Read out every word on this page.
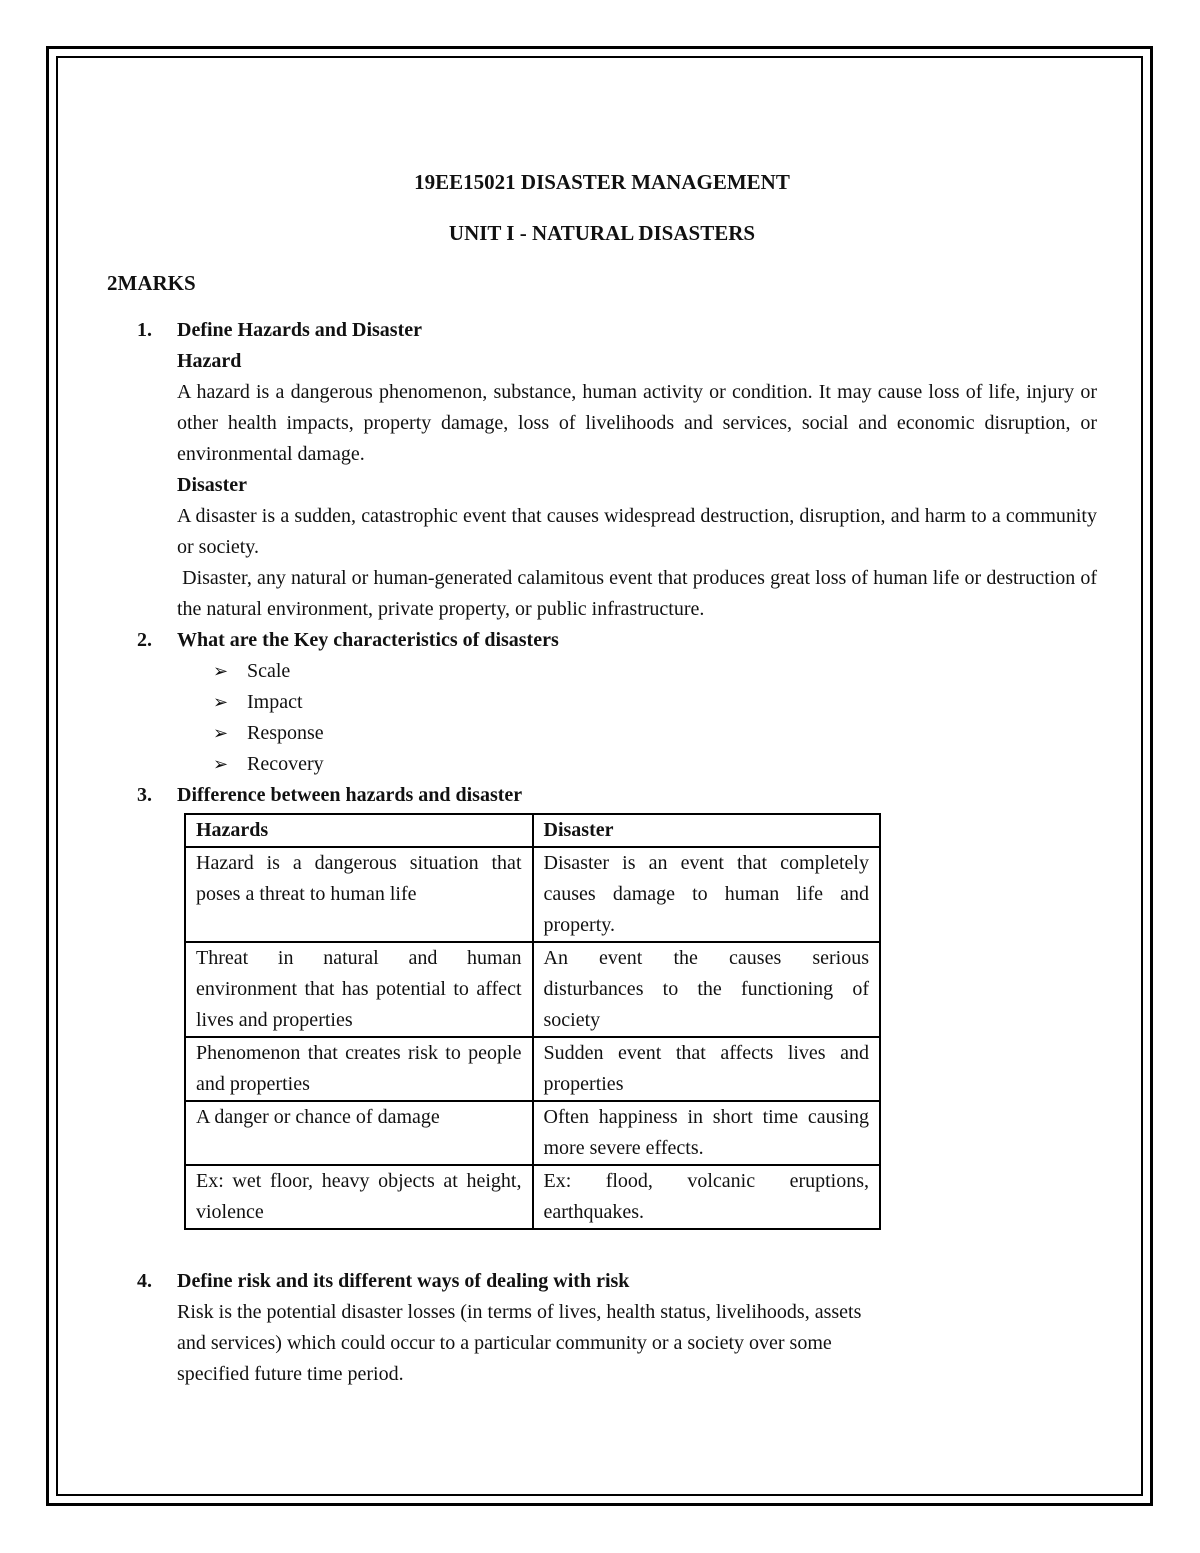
19EE15021 DISASTER MANAGEMENT

UNIT I - NATURAL DISASTERS

2MARKS
1. Define Hazards and Disaster
Hazard
A hazard is a dangerous phenomenon, substance, human activity or condition. It may cause loss of life, injury or other health impacts, property damage, loss of livelihoods and services, social and economic disruption, or environmental damage.
Disaster
A disaster is a sudden, catastrophic event that causes widespread destruction, disruption, and harm to a community or society.
Disaster, any natural or human-generated calamitous event that produces great loss of human life or destruction of the natural environment, private property, or public infrastructure.
2. What are the Key characteristics of disasters
➢ Scale
➢ Impact
➢ Response
➢ Recovery
3. Difference between hazards and disaster
Hazards	Disaster
Hazard is a dangerous situation that poses a threat to human life	Disaster is an event that completely causes damage to human life and property.
Threat in natural and human environment that has potential to affect lives and properties	An event the causes serious disturbances to the functioning of society
Phenomenon that creates risk to people and properties	Sudden event that affects lives and properties
A danger or chance of damage	Often happiness in short time causing more severe effects.
Ex: wet floor, heavy objects at height, violence	Ex: flood, volcanic eruptions, earthquakes.
4. Define risk and its different ways of dealing with risk
Risk is the potential disaster losses (in terms of lives, health status, livelihoods, assets
and services) which could occur to a particular community or a society over some
specified future time period.
